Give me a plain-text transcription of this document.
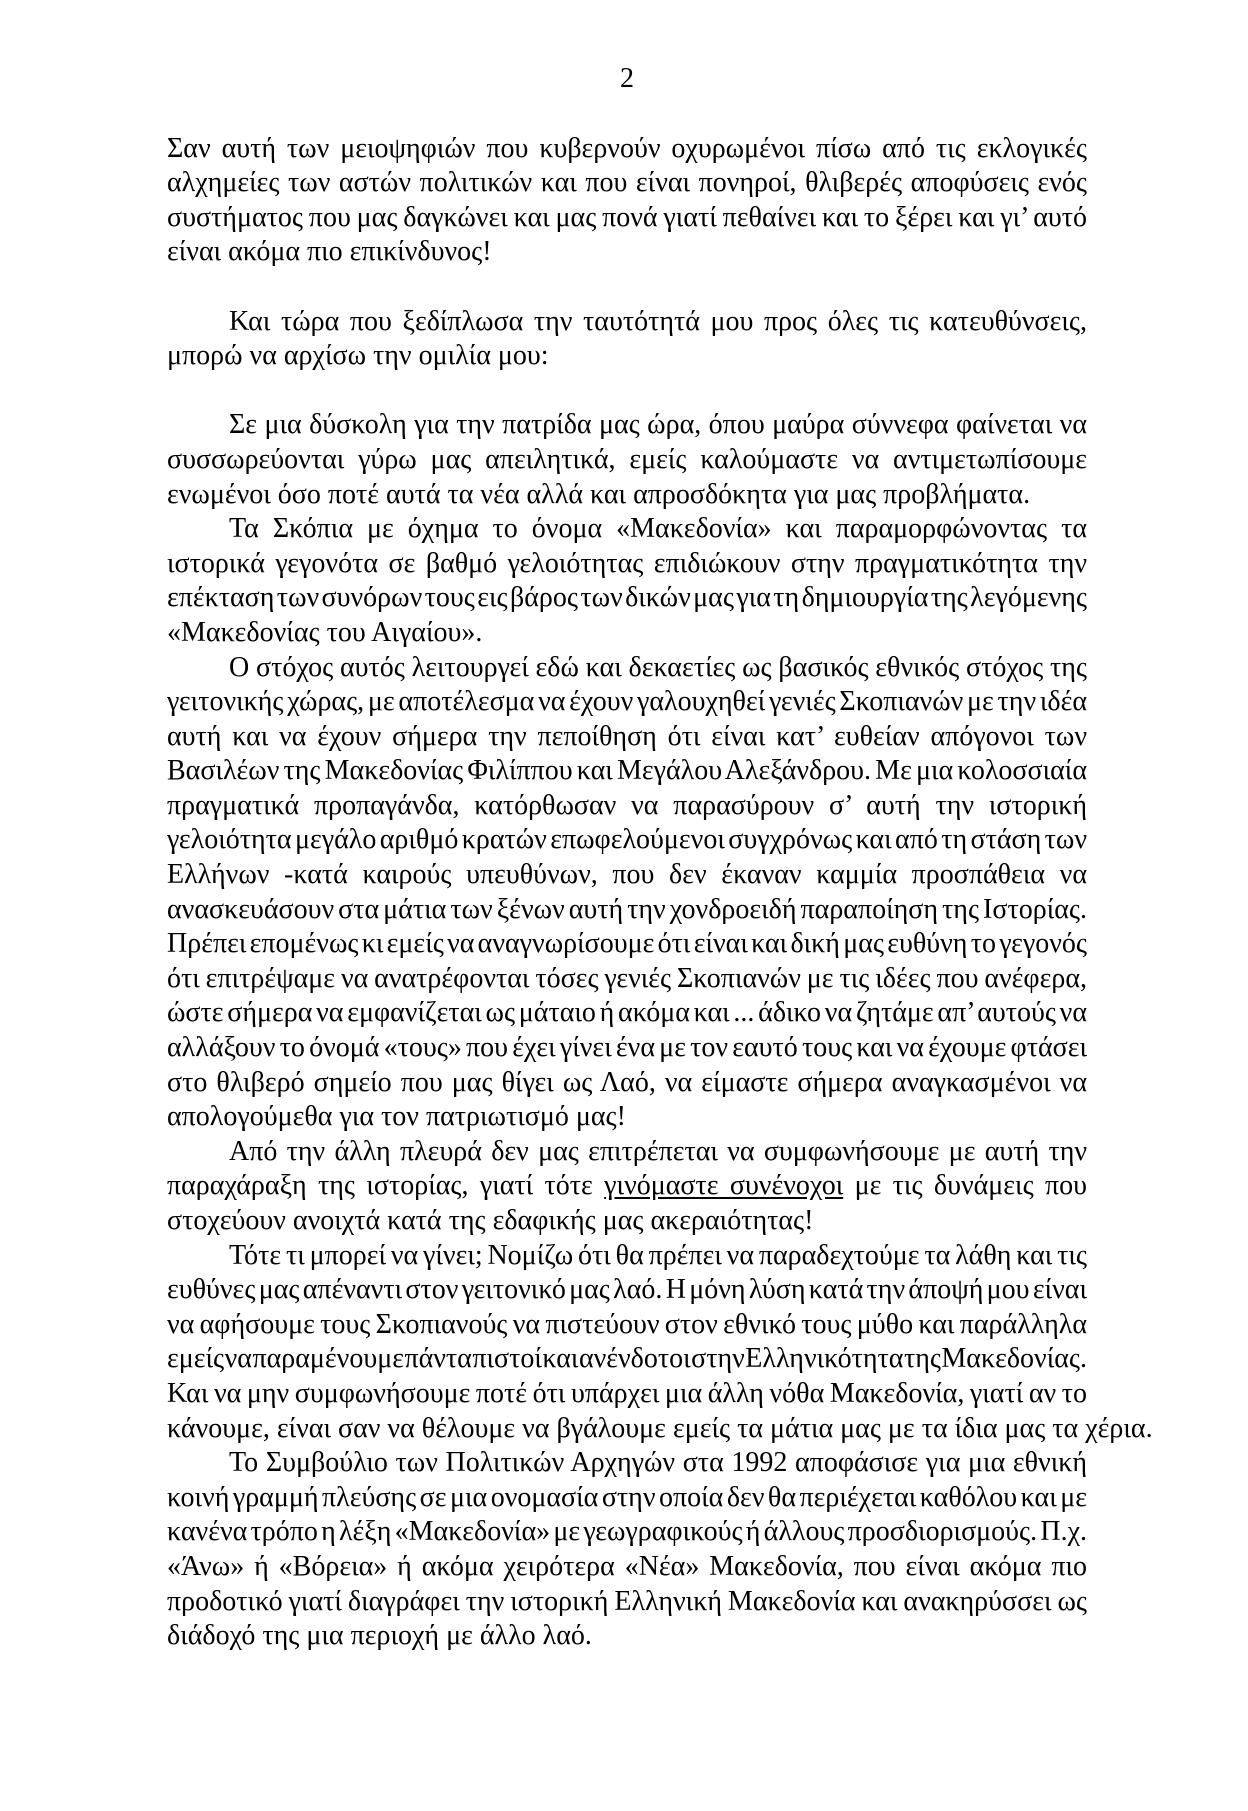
2
Σαν αυτή των μειοψηφιών που κυβερνούν οχυρωμένοι πίσω από τις εκλογικές
αλχημείες των αστών πολιτικών και που είναι πονηροί, θλιβερές αποφύσεις ενός
συστήματος που μας δαγκώνει και μας πονά γιατί πεθαίνει και το ξέρει και γι’ αυτό
είναι ακόμα πιο επικίνδυνος!
Και τώρα που ξεδίπλωσα την ταυτότητά μου προς όλες τις κατευθύνσεις,
μπορώ να αρχίσω την ομιλία μου:
Σε μια δύσκολη για την πατρίδα μας ώρα, όπου μαύρα σύννεφα φαίνεται να
συσσωρεύονται γύρω μας απειλητικά, εμείς καλούμαστε να αντιμετωπίσουμε
ενωμένοι όσο ποτέ αυτά τα νέα αλλά και απροσδόκητα για μας προβλήματα.
Τα Σκόπια με όχημα το όνομα «Μακεδονία» και παραμορφώνοντας τα
ιστορικά γεγονότα σε βαθμό γελοιότητας επιδιώκουν στην πραγματικότητα την
επέκταση των συνόρων τους εις βάρος των δικών μας για τη δημιουργία της λεγόμενης
«Μακεδονίας του Αιγαίου».
Ο στόχος αυτός λειτουργεί εδώ και δεκαετίες ως βασικός εθνικός στόχος της
γειτονικής χώρας, με αποτέλεσμα να έχουν γαλουχηθεί γενιές Σκοπιανών με την ιδέα
αυτή και να έχουν σήμερα την πεποίθηση ότι είναι κατ’ ευθείαν απόγονοι των
Βασιλέων της Μακεδονίας Φιλίππου και Μεγάλου Αλεξάνδρου. Με μια κολοσσιαία
πραγματικά προπαγάνδα, κατόρθωσαν να παρασύρουν σ’ αυτή την ιστορική
γελοιότητα μεγάλο αριθμό κρατών επωφελούμενοι συγχρόνως και από τη στάση των
Ελλήνων -κατά καιρούς υπευθύνων, που δεν έκαναν καμμία προσπάθεια να
ανασκευάσουν στα μάτια των ξένων αυτή την χονδροειδή παραποίηση της Ιστορίας.
Πρέπει επομένως κι εμείς να αναγνωρίσουμε ότι είναι και δική μας ευθύνη το γεγονός
ότι επιτρέψαμε να ανατρέφονται τόσες γενιές Σκοπιανών με τις ιδέες που ανέφερα,
ώστε σήμερα να εμφανίζεται ως μάταιο ή ακόμα και ... άδικο να ζητάμε απ’ αυτούς να
αλλάξουν το όνομά «τους» που έχει γίνει ένα με τον εαυτό τους και να έχουμε φτάσει
στο θλιβερό σημείο που μας θίγει ως Λαό, να είμαστε σήμερα αναγκασμένοι να
απολογούμεθα για τον πατριωτισμό μας!
Από την άλλη πλευρά δεν μας επιτρέπεται να συμφωνήσουμε με αυτή την
παραχάραξη της ιστορίας, γιατί τότε γινόμαστε συνένοχοι με τις δυνάμεις που
στοχεύουν ανοιχτά κατά της εδαφικής μας ακεραιότητας!
Τότε τι μπορεί να γίνει; Νομίζω ότι θα πρέπει να παραδεχτούμε τα λάθη και τις
ευθύνες μας απέναντι στον γειτονικό μας λαό. Η μόνη λύση κατά την άποψή μου είναι
να αφήσουμε τους Σκοπιανούς να πιστεύουν στον εθνικό τους μύθο και παράλληλα
εμείς να παραμένουμε πάντα πιστοί και ανένδοτοι στην Ελληνικότητα της Μακεδονίας.
Και να μην συμφωνήσουμε ποτέ ότι υπάρχει μια άλλη νόθα Μακεδονία, γιατί αν το
κάνουμε, είναι σαν να θέλουμε να βγάλουμε εμείς τα μάτια μας με τα ίδια μας τα χέρια.
Το Συμβούλιο των Πολιτικών Αρχηγών στα 1992 αποφάσισε για μια εθνική
κοινή γραμμή πλεύσης σε μια ονομασία στην οποία δεν θα περιέχεται καθόλου και με
κανένα τρόπο η λέξη «Μακεδονία» με γεωγραφικούς ή άλλους προσδιορισμούς. Π.χ.
«Άνω» ή «Βόρεια» ή ακόμα χειρότερα «Νέα» Μακεδονία, που είναι ακόμα πιο
προδοτικό γιατί διαγράφει την ιστορική Ελληνική Μακεδονία και ανακηρύσσει ως
διάδοχό της μια περιοχή με άλλο λαό.
